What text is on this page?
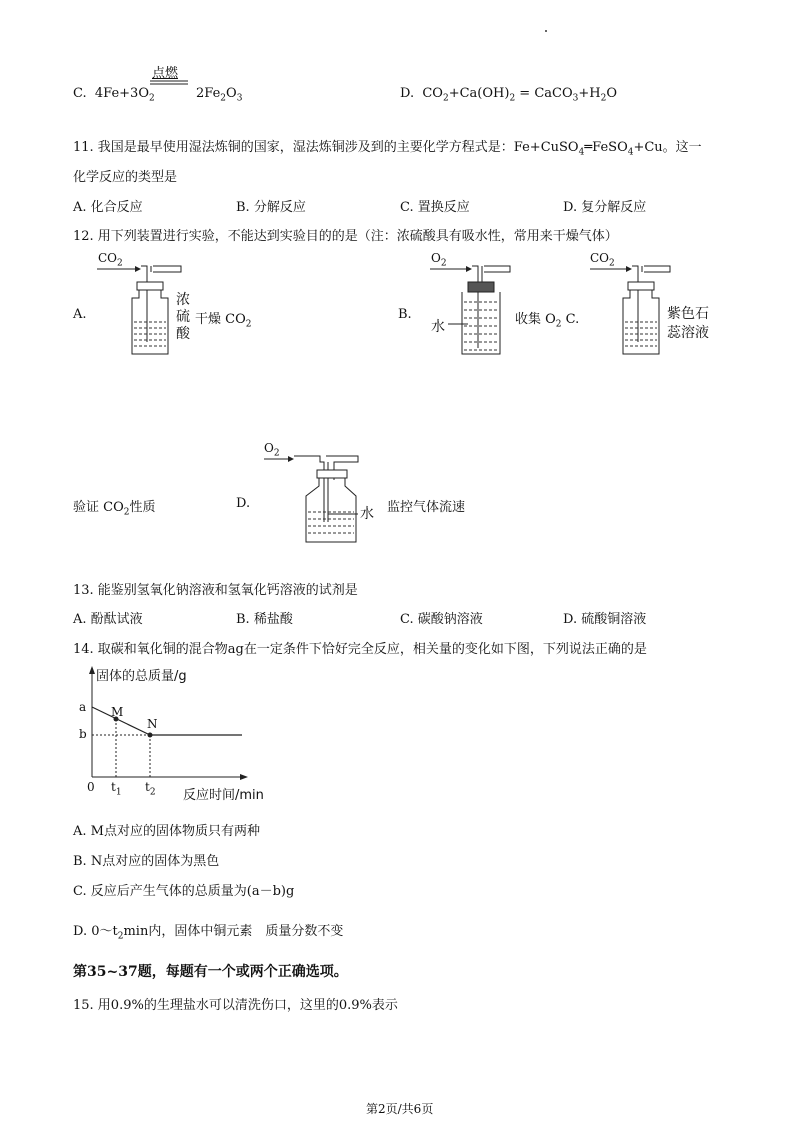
C. $4Fe+3O_2$
点燃
$2Fe_2O_3$	D. $CO_2+Ca(OH)_2$ = $CaCO_3+H_2O$
11. 我国是最早使用湿法炼铜的国家，湿法炼铜涉及到的主要化学方程式是：Fe+CuSO$_4$═FeSO$_4$+Cu。这一
化学反应的类型是
A. 化合反应	B. 分解反应	C. 置换反应	D. 复分解反应
12. 用下列装置进行实验，不能达到实验目的的是（注：浓硫酸具有吸水性，常用来干燥气体）
$CO_2$
浓
硫
酸
A.	干燥 $CO_2$
$O_2$
B.
水	收集 $O_2$ C.
$CO_2$
紫色石
蕊溶液
验证 $CO_2$性质
$O_2$
D.
水 监控气体流速
13. 能鉴别氢氧化钠溶液和氢氧化钙溶液的试剂是
A. 酚酞试液	B. 稀盐酸	C. 碳酸钠溶液	D. 硫酸铜溶液
14. 取碳和氧化铜的混合物ag在一定条件下恰好完全反应，相关量的变化如下图，下列说法正确的是
固体的总质量/g
a
b
M
N
0 $t_1$ $t_2$ 反应时间/min
A. M点对应的固体物质只有两种
B. N点对应的固体为黑色
C. 反应后产生气体的总质量为(a－b)g
D. $0\sim t_2\min$内，固体中铜元素　质量分数不变
第35~37题，每题有一个或两个正确选项。
15. 用0.9%的生理盐水可以清洗伤口，这里的0.9%表示
第2页/共6页
